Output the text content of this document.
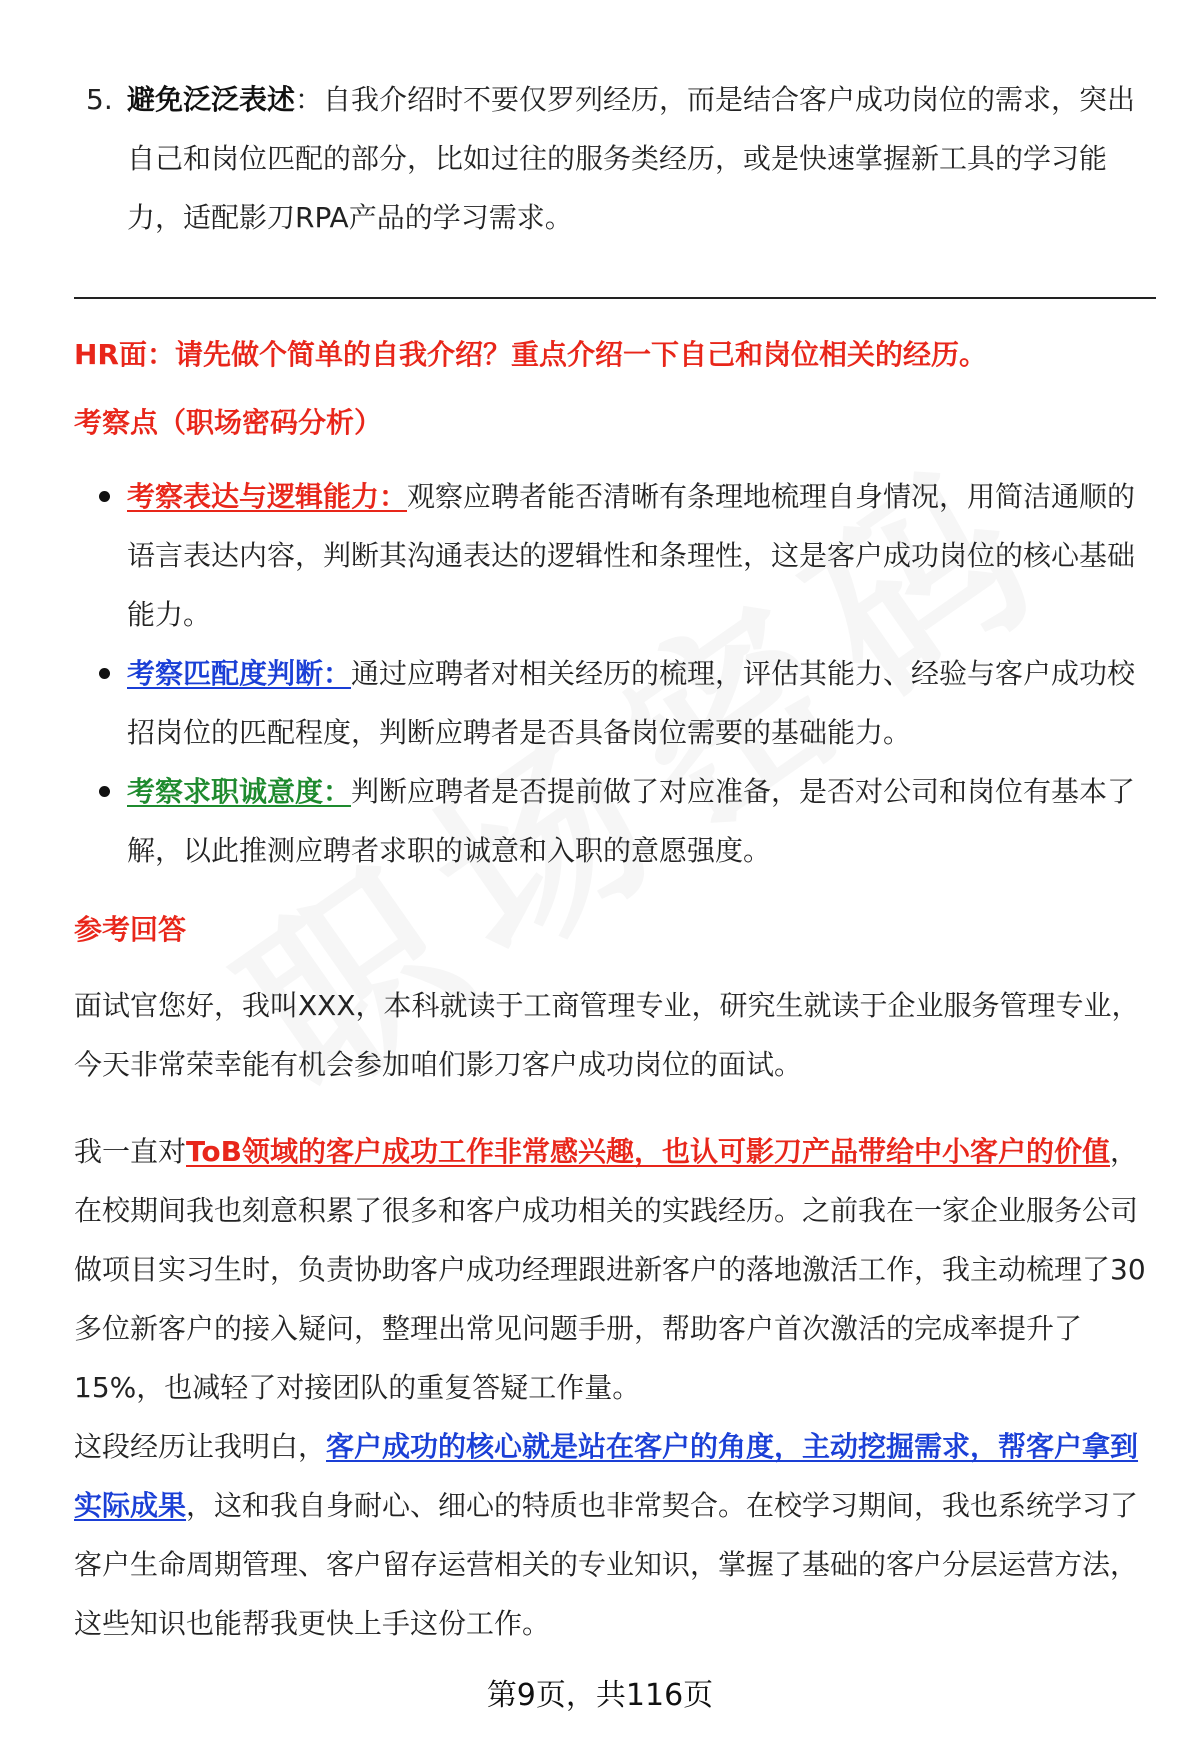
5. 避免泛泛表述：自我介绍时不要仅罗列经历，而是结合客户成功岗位的需求，突出自己和岗位匹配的部分，比如过往的服务类经历，或是快速掌握新工具的学习能力，适配影刀RPA产品的学习需求。
HR面：请先做个简单的自我介绍？重点介绍一下自己和岗位相关的经历。
考察点（职场密码分析）
考察表达与逻辑能力：观察应聘者能否清晰有条理地梳理自身情况，用简洁通顺的语言表达内容，判断其沟通表达的逻辑性和条理性，这是客户成功岗位的核心基础能力。
考察匹配度判断：通过应聘者对相关经历的梳理，评估其能力、经验与客户成功校招岗位的匹配程度，判断应聘者是否具备岗位需要的基础能力。
考察求职诚意度：判断应聘者是否提前做了对应准备，是否对公司和岗位有基本了解，以此推测应聘者求职的诚意和入职的意愿强度。
参考回答
面试官您好，我叫XXX，本科就读于工商管理专业，研究生就读于企业服务管理专业，今天非常荣幸能有机会参加咱们影刀客户成功岗位的面试。
我一直对ToB领域的客户成功工作非常感兴趣，也认可影刀产品带给中小客户的价值，在校期间我也刻意积累了很多和客户成功相关的实践经历。之前我在一家企业服务公司做项目实习生时，负责协助客户成功经理跟进新客户的落地激活工作，我主动梳理了30多位新客户的接入疑问，整理出常见问题手册，帮助客户首次激活的完成率提升了15%，也减轻了对接团队的重复答疑工作量。
这段经历让我明白，客户成功的核心就是站在客户的角度，主动挖掘需求，帮客户拿到实际成果，这和我自身耐心、细心的特质也非常契合。在校学习期间，我也系统学习了客户生命周期管理、客户留存运营相关的专业知识，掌握了基础的客户分层运营方法，这些知识也能帮我更快上手这份工作。
第9页，共116页
